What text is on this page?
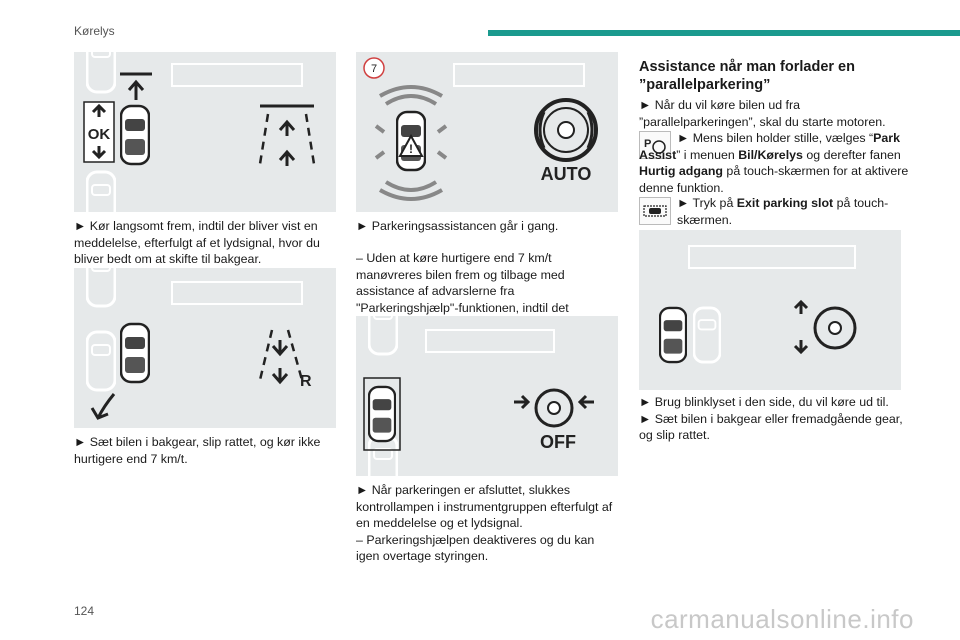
Kørelys
OK

► Kør langsomt frem, indtil der bliver vist en meddelelse, efterfulgt af et lydsignal, hvor du bliver bedt om at skifte til bakgear.

R

► Sæt bilen i bakgear, slip rattet, og kør ikke hurtigere end 7 km/t.

7
!
AUTO

► Parkeringsassistancen går i gang.

– Uden at køre hurtigere end 7 km/t manøvreres bilen frem og tilbage med assistance af advarslerne fra "Parkeringshjælp"-funktionen, indtil det

OFF

► Når parkeringen er afsluttet, slukkes kontrollampen i instrumentgruppen efterfulgt af en meddelelse og et lydsignal.

– Parkeringshjælpen deaktiveres og du kan igen overtage styringen.

Assistance når man forlader en ”parallelparkering”

► Når du vil køre bilen ud fra ”parallelparkeringen”, skal du starte motoren.

P	► Mens bilen holder stille, vælges “Park Assist” i menuen Bil/Kørelys og derefter fanen Hurtig adgang på touch-skærmen for at aktivere denne funktion.

► Tryk på Exit parking slot på touch-skærmen.

► Brug blinklyset i den side, du vil køre ud til.

► Sæt bilen i bakgear eller fremadgående gear, og slip rattet.

124	carmanualsonline.info
